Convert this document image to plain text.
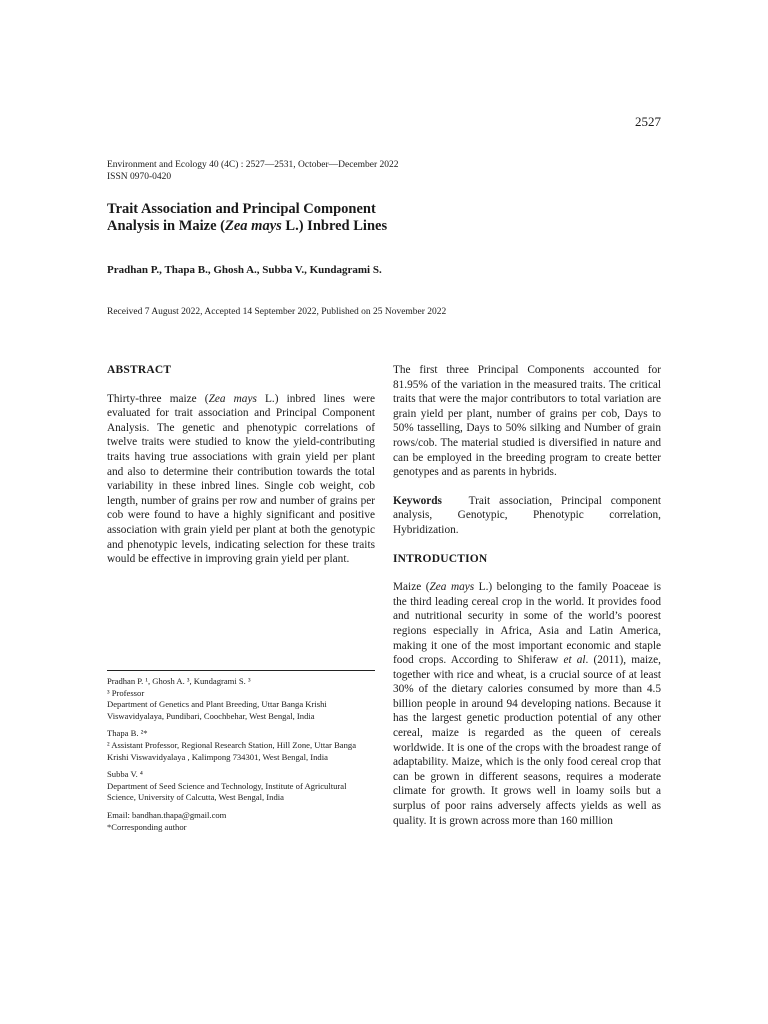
2527
Environment and Ecology 40 (4C) : 2527—2531, October—December 2022
ISSN 0970-0420
Trait Association and Principal Component
Analysis in Maize (Zea mays L.) Inbred Lines
Pradhan P., Thapa B., Ghosh A., Subba V., Kundagrami S.
Received 7 August 2022, Accepted 14 September 2022, Published on 25 November 2022
ABSTRACT
Thirty-three maize (Zea mays L.) inbred lines were evaluated for trait association and Principal Component Analysis. The genetic and phenotypic correlations of twelve traits were studied to know the yield-contributing traits having true associations with grain yield per plant and also to determine their contribution towards the total variability in these inbred lines. Single cob weight, cob length, number of grains per row and number of grains per cob were found to have a highly significant and positive association with grain yield per plant at both the genotypic and phenotypic levels, indicating selection for these traits would be effective in improving grain yield per plant.
Pradhan P. ¹, Ghosh A. ³, Kundagrami S. ³
³ Professor
Department of Genetics and Plant Breeding, Uttar Banga Krishi Viswavidyalaya, Pundibari, Coochbehar, West Bengal, India
Thapa B. ²*
² Assistant Professor, Regional Research Station, Hill Zone, Uttar Banga Krishi Viswavidyalaya , Kalimpong 734301, West Bengal, India
Subba V. ⁴
Department of Seed Science and Technology, Institute of Agricultural Science, University of Calcutta, West Bengal, India
Email: bandhan.thapa@gmail.com
*Corresponding author
The first three Principal Components accounted for 81.95% of the variation in the measured traits. The critical traits that were the major contributors to total variation are grain yield per plant, number of grains per cob, Days to 50% tasselling, Days to 50% silking and Number of grain rows/cob. The material studied is diversified in nature and can be employed in the breeding program to create better genotypes and as parents in hybrids.
Keywords Trait association, Principal component analysis, Genotypic, Phenotypic correlation, Hybridization.
INTRODUCTION
Maize (Zea mays L.) belonging to the family Poaceae is the third leading cereal crop in the world. It provides food and nutritional security in some of the world’s poorest regions especially in Africa, Asia and Latin America, making it one of the most important economic and staple food crops. According to Shiferaw et al. (2011), maize, together with rice and wheat, is a crucial source of at least 30% of the dietary calories consumed by more than 4.5 billion people in around 94 developing nations. Because it has the largest genetic production potential of any other cereal, maize is regarded as the queen of cereals worldwide. It is one of the crops with the broadest range of adaptability. Maize, which is the only food cereal crop that can be grown in different seasons, requires a moderate climate for growth. It grows well in loamy soils but a surplus of poor rains adversely affects yields as well as quality. It is grown across more than 160 million
